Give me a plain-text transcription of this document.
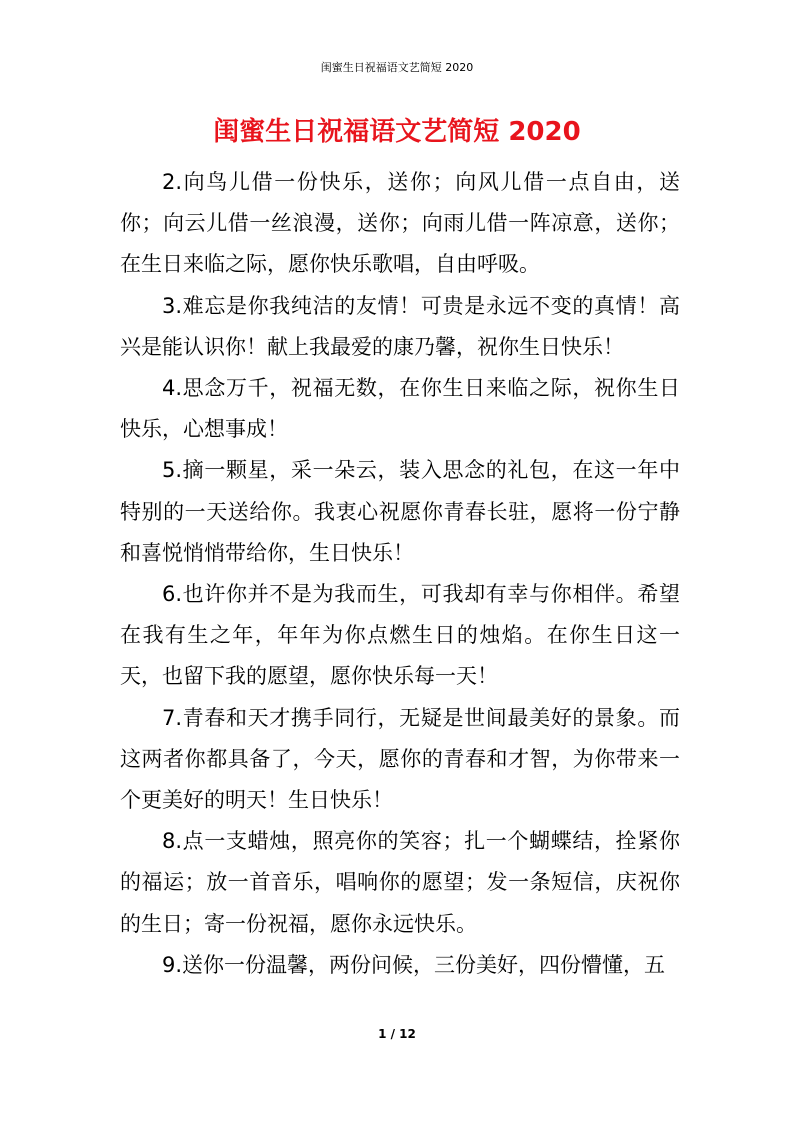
闺蜜生日祝福语文艺简短 2020
闺蜜生日祝福语文艺简短 2020

2.向鸟儿借一份快乐，送你；向风儿借一点自由，送你；向云儿借一丝浪漫，送你；向雨儿借一阵凉意，送你；在生日来临之际，愿你快乐歌唱，自由呼吸。

3.难忘是你我纯洁的友情！可贵是永远不变的真情！高兴是能认识你！献上我最爱的康乃馨，祝你生日快乐！

4.思念万千，祝福无数，在你生日来临之际，祝你生日快乐，心想事成！

5.摘一颗星，采一朵云，装入思念的礼包，在这一年中特别的一天送给你。我衷心祝愿你青春长驻，愿将一份宁静和喜悦悄悄带给你，生日快乐！

6.也许你并不是为我而生，可我却有幸与你相伴。希望在我有生之年，年年为你点燃生日的烛焰。在你生日这一天，也留下我的愿望，愿你快乐每一天！

7.青春和天才携手同行，无疑是世间最美好的景象。而这两者你都具备了，今天，愿你的青春和才智，为你带来一个更美好的明天！生日快乐！

8.点一支蜡烛，照亮你的笑容；扎一个蝴蝶结，拴紧你的福运；放一首音乐，唱响你的愿望；发一条短信，庆祝你的生日；寄一份祝福，愿你永远快乐。

9.送你一份温馨，两份问候，三份美好，四份懵懂，五

1 / 12
